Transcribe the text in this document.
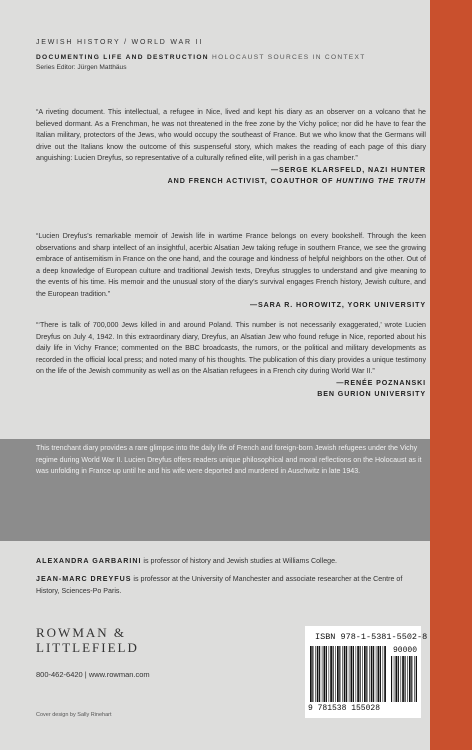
JEWISH HISTORY / WORLD WAR II
DOCUMENTING LIFE AND DESTRUCTION HOLOCAUST SOURCES IN CONTEXT
Series Editor: Jürgen Matthäus
“A riveting document. This intellectual, a refugee in Nice, lived and kept his diary as an observer on a volcano that he believed dormant. As a Frenchman, he was not threatened in the free zone by the Vichy police; nor did he have to fear the Italian military, protectors of the Jews, who would occupy the southeast of France. But we who know that the Germans will drive out the Italians know the outcome of this suspenseful story, which makes the reading of each page of this diary anguishing: Lucien Dreyfus, so representative of a culturally refined elite, will perish in a gas chamber.”
—SERGE KLARSFELD, NAZI HUNTER
AND FRENCH ACTIVIST, COAUTHOR OF HUNTING THE TRUTH
“Lucien Dreyfus’s remarkable memoir of Jewish life in wartime France belongs on every bookshelf. Through the keen observations and sharp intellect of an insightful, acerbic Alsatian Jew taking refuge in southern France, we see the growing embrace of antisemitism in France on the one hand, and the courage and kindness of helpful neighbors on the other. Out of a deep knowledge of European culture and traditional Jewish texts, Dreyfus struggles to understand and give meaning to the events of his time. His memoir and the unusual story of the diary’s survival engages French history, Jewish culture, and the European tradition.”
—SARA R. HOROWITZ, YORK UNIVERSITY
“‘There is talk of 700,000 Jews killed in and around Poland. This number is not necessarily exaggerated,’ wrote Lucien Dreyfus on July 4, 1942. In this extraordinary diary, Dreyfus, an Alsatian Jew who found refuge in Nice, reported about his daily life in Vichy France; commented on the BBC broadcasts, the rumors, or the political and military developments as recorded in the official local press; and noted many of his thoughts. The publication of this diary provides a unique testimony on the life of the Jewish community as well as on the Alsatian refugees in a French city during World War II.”
—RENÉE POZNANSKI
BEN GURION UNIVERSITY
This trenchant diary provides a rare glimpse into the daily life of French and foreign-born Jewish refugees under the Vichy regime during World War II. Lucien Dreyfus offers readers unique philosophical and moral reflections on the Holocaust as it was unfolding in France up until he and his wife were deported and murdered in Auschwitz in late 1943.
ALEXANDRA GARBARINI is professor of history and Jewish studies at Williams College.
JEAN-MARC DREYFUS is professor at the University of Manchester and associate researcher at the Centre of History, Sciences-Po Paris.
ROWMAN &
LITTLEFIELD
800-462-6420 | www.rowman.com
Cover design by Sally Rinehart
ISBN 978-1-5381-5502-8
90000
9 781538 155028
